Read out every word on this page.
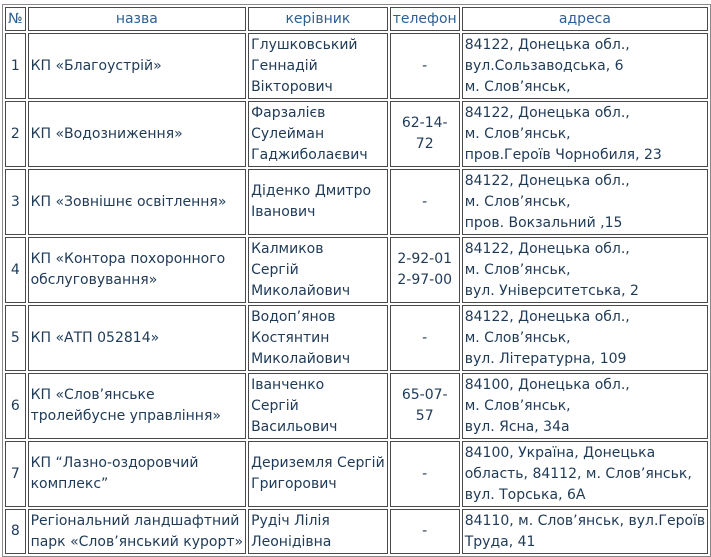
№	назва	керівник	телефон	адреса
1	КП «Благоустрій»	Глушковський
Геннадій
Вікторович	-	84122, Донецька обл.,
вул.Сользаводська, 6
м. Слов’янськ,

2	КП «Водозниження»	Фарзалієв
Сулейман
Гаджиболаєвич	62-14-
72	84122, Донецька обл.,
м. Слов’янськ,
пров.Героїв Чорнобиля, 23

3	КП «Зовнішнє освітлення»	Діденко Дмитро
Іванович	-	84122, Донецька обл.,
м. Слов’янськ,
пров. Вокзальний ,15

4	КП «Контора похоронного
обслуговування»	Калмиков
Сергій
Миколайович	2-92-01
2-97-00	84122, Донецька обл.,
м. Слов’янськ,
вул. Університетська, 2

5	КП «АТП 052814»	Водоп’янов
Костянтин
Миколайович	-	84122, Донецька обл.,
м. Слов’янськ,
вул. Літературна, 109

6	КП «Слов’янське
тролейбусне управління»	Іванченко
Сергій
Васильович	65-07-
57	84100, Донецька обл.,
м. Слов’янськ,
вул. Ясна, 34а

7	КП “Лазно-оздоровчий
комплекс”	Дериземля Сергій
Григорович	-	84100, Україна, Донецька
область, 84112, м. Слов’янськ,
вул. Торська, 6А

8	Регіональний ландшафтний
парк «Слов’янський курорт»	Рудіч Лілія
Леонідівна	-	84110, м. Слов’янськ, вул.Героїв
Труда, 41
